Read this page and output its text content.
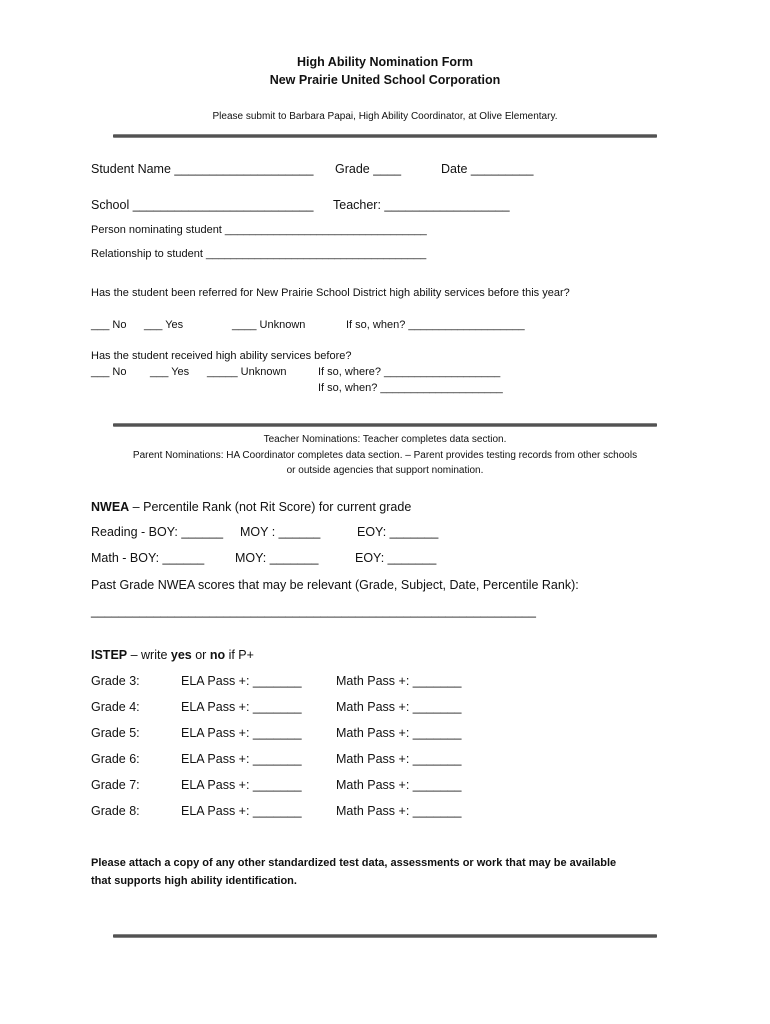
High Ability Nomination Form
New Prairie United School Corporation
Please submit to Barbara Papai, High Ability Coordinator, at Olive Elementary.
Student Name ____________________ Grade ____	Date _________
School __________________________ Teacher: __________________
Person nominating student _________________________________
Relationship to student ____________________________________
Has the student been referred for New Prairie School District high ability services before this year?
___ No ___ Yes	____ Unknown	If so, when? ___________________
Has the student received high ability services before?
___ No ___ Yes _____ Unknown	If so, where? ___________________
If so, when? ____________________
Teacher Nominations: Teacher completes data section.
Parent Nominations: HA Coordinator completes data section. – Parent provides testing records from other schools
or outside agencies that support nomination.
NWEA – Percentile Rank (not Rit Score) for current grade
Reading - BOY: ______ MOY : ______	EOY: _______
Math - BOY: ______ MOY: _______	EOY: _______
Past Grade NWEA scores that may be relevant (Grade, Subject, Date, Percentile Rank):
________________________________________________________________
ISTEP – write yes or no if P+
Grade 3:	ELA Pass +: _______	Math Pass +: _______
Grade 4:	ELA Pass +: _______	Math Pass +: _______
Grade 5:	ELA Pass +: _______	Math Pass +: _______
Grade 6:	ELA Pass +: _______	Math Pass +: _______
Grade 7:	ELA Pass +: _______	Math Pass +: _______
Grade 8:	ELA Pass +: _______	Math Pass +: _______
Please attach a copy of any other standardized test data, assessments or work that may be available
that supports high ability identification.
